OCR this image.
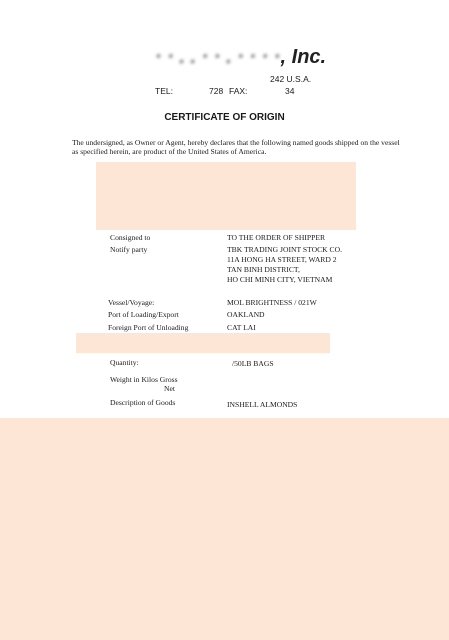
· · . . · · . · · · ·, Inc.
242 U.S.A.
TEL:	728 FAX:	34
CERTIFICATE OF ORIGIN
The undersigned, as Owner or Agent, hereby declares that the following named goods shipped on the vessel as specified herein, are product of the United States of America.
Consigned to	TO THE ORDER OF SHIPPER
Notify party	TBK TRADING JOINT STOCK CO.
11A HONG HA STREET, WARD 2
TAN BINH DISTRICT,
HO CHI MINH CITY, VIETNAM
Vessel/Voyage:	MOL BRIGHTNESS / 021W
Port of Loading/Export	OAKLAND
Foreign Port of Unloading	CAT LAI
Quantity:	/50LB BAGS
Weight in Kilos Gross
Net
Description of Goods	INSHELL ALMONDS
